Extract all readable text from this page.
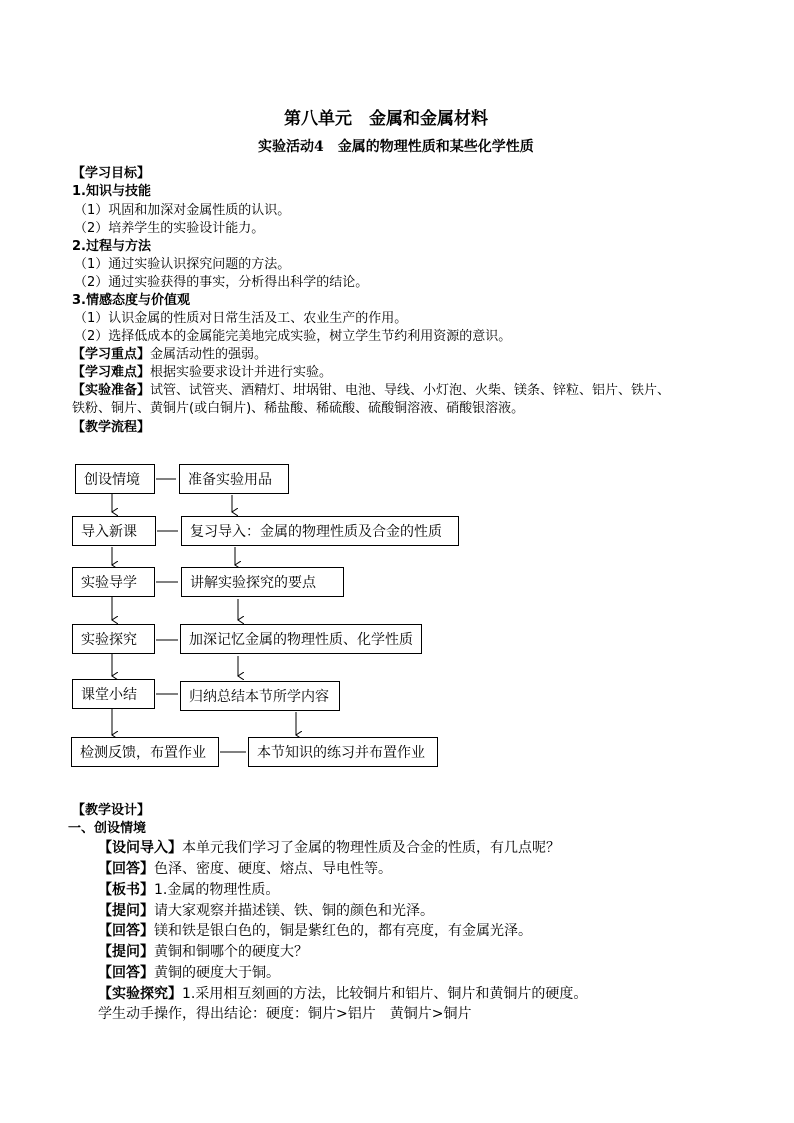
第八单元　金属和金属材料
实验活动4　金属的物理性质和某些化学性质
【学习目标】
1.知识与技能
（1）巩固和加深对金属性质的认识。
（2）培养学生的实验设计能力。
2.过程与方法
（1）通过实验认识探究问题的方法。
（2）通过实验获得的事实，分析得出科学的结论。
3.情感态度与价值观
（1）认识金属的性质对日常生活及工、农业生产的作用。
（2）选择低成本的金属能完美地完成实验，树立学生节约利用资源的意识。
【学习重点】金属活动性的强弱。
【学习难点】根据实验要求设计并进行实验。
【实验准备】试管、试管夹、酒精灯、坩埚钳、电池、导线、小灯泡、火柴、镁条、锌粒、铝片、铁片、
铁粉、铜片、黄铜片(或白铜片)、稀盐酸、稀硫酸、硫酸铜溶液、硝酸银溶液。
【教学流程】
创设情境
导入新课
实验导学
实验探究
课堂小结
检测反馈，布置作业
准备实验用品
复习导入：金属的物理性质及合金的性质
讲解实验探究的要点
加深记忆金属的物理性质、化学性质
归纳总结本节所学内容
本节知识的练习并布置作业
【教学设计】
一、创设情境
【设问导入】本单元我们学习了金属的物理性质及合金的性质，有几点呢？
【回答】色泽、密度、硬度、熔点、导电性等。
【板书】1.金属的物理性质。
【提问】请大家观察并描述镁、铁、铜的颜色和光泽。
【回答】镁和铁是银白色的，铜是紫红色的，都有亮度，有金属光泽。
【提问】黄铜和铜哪个的硬度大？
【回答】黄铜的硬度大于铜。
【实验探究】1.采用相互刻画的方法，比较铜片和铝片、铜片和黄铜片的硬度。
学生动手操作，得出结论：硬度：铜片>铝片　黄铜片>铜片
